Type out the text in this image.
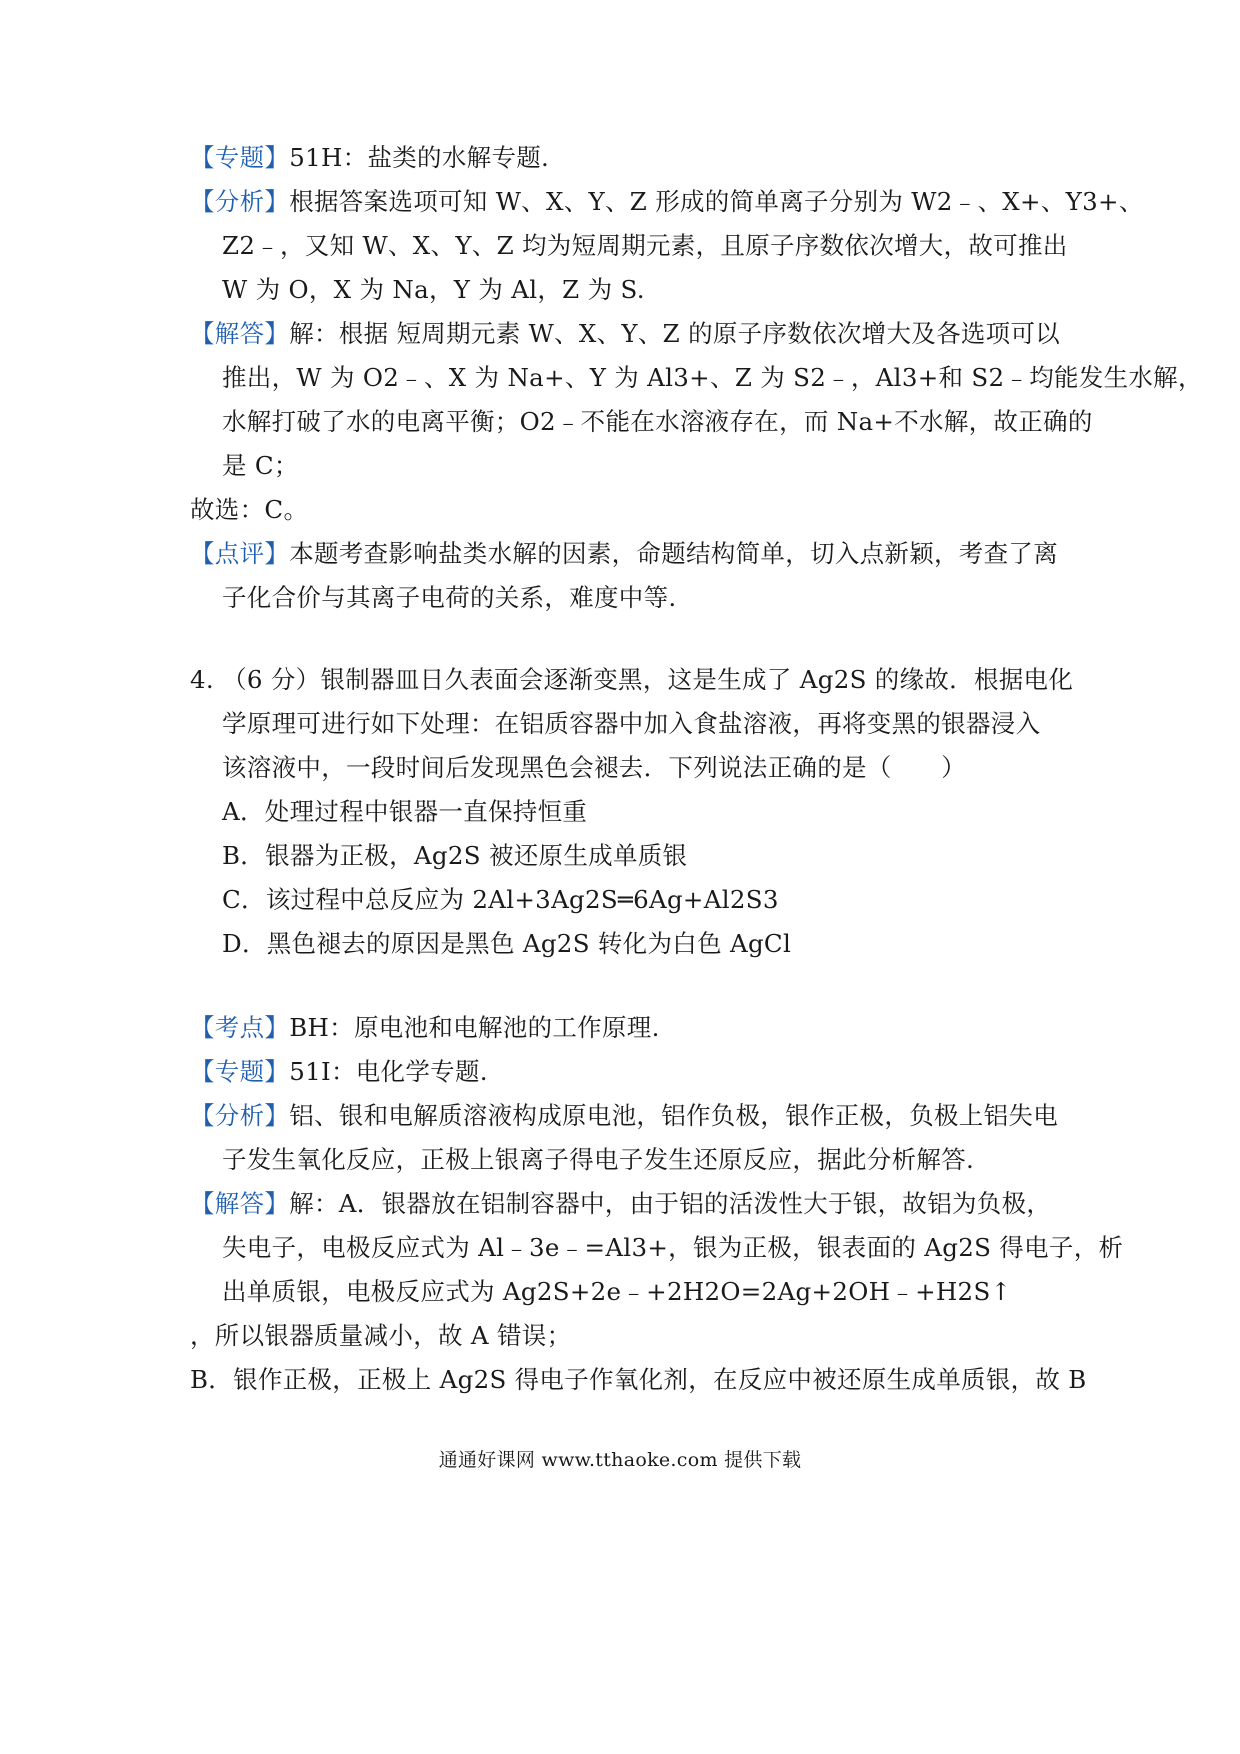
【专题】51H：盐类的水解专题.
【分析】根据答案选项可知 W、X、Y、Z 形成的简单离子分别为 W2﹣、X+、Y3+、
Z2﹣，又知 W、X、Y、Z 均为短周期元素，且原子序数依次增大，故可推出
W 为 O，X 为 Na，Y 为 Al，Z 为 S.
【解答】解：根据 短周期元素 W、X、Y、Z 的原子序数依次增大及各选项可以
推出，W 为 O2﹣、X 为 Na+、Y 为 Al3+、Z 为 S2﹣，Al3+和 S2﹣均能发生水解，
水解打破了水的电离平衡；O2﹣不能在水溶液存在，而 Na+不水解，故正确的
是 C；
故选：C。
【点评】本题考查影响盐类水解的因素，命题结构简单，切入点新颖，考查了离
子化合价与其离子电荷的关系，难度中等.
4. （6 分）银制器皿日久表面会逐渐变黑，这是生成了 Ag2S 的缘故．根据电化
学原理可进行如下处理：在铝质容器中加入食盐溶液，再将变黑的银器浸入
该溶液中，一段时间后发现黑色会褪去．下列说法正确的是（　　）
A．处理过程中银器一直保持恒重
B．银器为正极，Ag2S 被还原生成单质银
C．该过程中总反应为 2Al+3Ag2S═6Ag+Al2S3
D．黑色褪去的原因是黑色 Ag2S 转化为白色 AgCl
【考点】BH：原电池和电解池的工作原理.
【专题】51I：电化学专题.
【分析】铝、银和电解质溶液构成原电池，铝作负极，银作正极，负极上铝失电
子发生氧化反应，正极上银离子得电子发生还原反应，据此分析解答.
【解答】解：A．银器放在铝制容器中，由于铝的活泼性大于银，故铝为负极，
失电子，电极反应式为 Al﹣3e﹣=Al3+，银为正极，银表面的 Ag2S 得电子，析
出单质银，电极反应式为 Ag2S+2e﹣+2H2O=2Ag+2OH﹣+H2S↑
，所以银器质量减小，故 A 错误；
B．银作正极，正极上 Ag2S 得电子作氧化剂，在反应中被还原生成单质银，故 B
通通好课网 www.tthaoke.com 提供下载
